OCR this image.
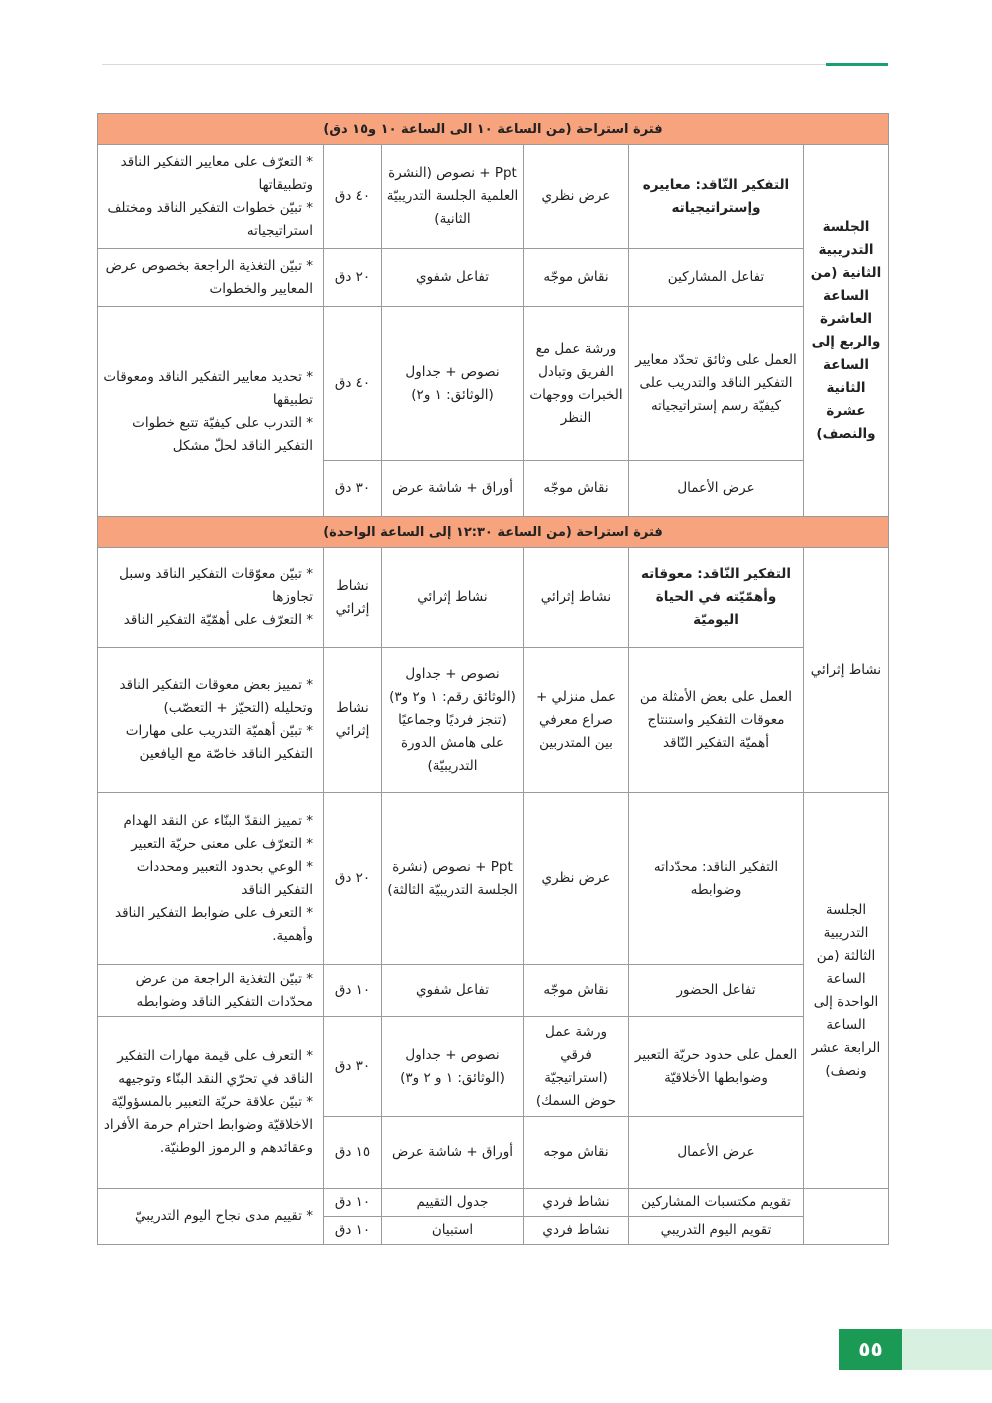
فترة استراحة (من الساعة ١٠ الى الساعة ١٠ و١٥ دق)					
الجلسة التدريبية الثانية (من الساعة العاشرة والربع إلى الساعة الثانية عشرة والنصف)	التفكير النّاقد: معاييره وإستراتيجياته	عرض نظري	Ppt + نصوص (النشرة العلمية الجلسة التدريبيّة الثانية)	٤٠ دق	* التعرّف على معايير التفكير الناقد وتطبيقاتها
* تبيّن خطوات التفكير الناقد ومختلف استراتيجياته

	تفاعل المشاركين	نقاش موجّه	تفاعل شفوي	٢٠ دق	* تبيّن التغذية الراجعة بخصوص عرض المعايير والخطوات

	العمل على وثائق تحدّد معايير التفكير الناقد والتدريب على كيفيّة رسم إستراتيجياته	ورشة عمل مع الفريق وتبادل الخبرات ووجهات النظر	نصوص + جداول (الوثائق: ١ و٢)	٤٠ دق	* تحديد معايير التفكير الناقد ومعوقات تطبيقها
* التدرب على كيفيّة تتبع خطوات التفكير الناقد لحلّ مشكل

	عرض الأعمال	نقاش موجّه	أوراق + شاشة عرض	٣٠ دق	
فترة استراحة (من الساعة ١٢:٣٠ إلى الساعة الواحدة)					
نشاط إثرائي	التفكير النّاقد: معوقاته وأهمّيّته في الحياة اليوميّة	نشاط إثرائي	نشاط إثرائي	نشاط إثرائي	* تبيّن معوّقات التفكير الناقد وسبل تجاوزها
* التعرّف على أهمّيّة التفكير الناقد

	العمل على بعض الأمثلة من معوقات التفكير واستنتاج أهميّة التفكير النّاقد	عمل منزلي + صراع معرفي بين المتدربين	نصوص + جداول (الوثائق رقم: ١ و٢ و٣) (تنجز فرديًا وجماعيًا على هامش الدورة التدريبيّة)	نشاط إثرائي	* تمييز بعض معوقات التفكير الناقد وتحليله (التحيّز + التعصّب)
* تبيّن أهميّة التدريب على مهارات التفكير الناقد خاصّة مع اليافعين

الجلسة التدريبية الثالثة (من الساعة الواحدة إلى الساعة الرابعة عشر ونصف)	التفكير الناقد: محدّداته وضوابطه	عرض نظري	Ppt + نصوص (نشرة الجلسة التدريبيّة الثالثة)	٢٠ دق	* تمييز النقدّ البنّاء عن النقد الهدام
* التعرّف على معنى حريّة التعبير
* الوعي بحدود التعبير ومحددات التفكير الناقد
* التعرف على ضوابط التفكير الناقد وأهمية.

	تفاعل الحضور	نقاش موجّه	تفاعل شفوي	١٠ دق	* تبيّن التغذية الراجعة من عرض محدّدات التفكير الناقد وضوابطه

	العمل على حدود حريّة التعبير وضوابطها الأخلاقيّة	ورشة عمل فرقي (استراتيجيّة حوض السمك)	نصوص + جداول (الوثائق: ١ و ٢ و٣)	٣٠ دق	* التعرف على قيمة مهارات التفكير الناقد في تحرّي النقد البنّاء وتوجيهه
* تبيّن علاقة حريّة التعبير بالمسؤوليّة الاخلاقيّة وضوابط احترام حرمة الأفراد وعقائدهم و الرموز الوطنيّة.

	عرض الأعمال	نقاش موجه	أوراق + شاشة عرض	١٥ دق	
	تقويم مكتسبات المشاركين	نشاط فردي	جدول التقييم	١٠ دق	* تقييم مدى نجاح اليوم التدريبيّ

	تقويم اليوم التدريبي	نشاط فردي	استبيان	١٠ دق	
٥٥
